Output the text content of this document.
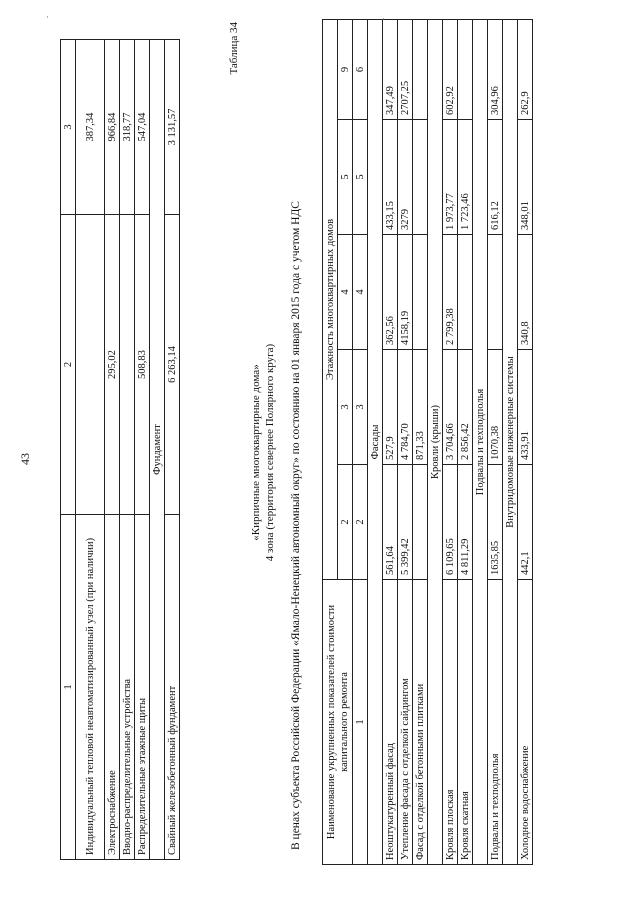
43
1	2	3
Индивидуальный тепловой неавтоматизированный узел (при наличии)		387,34
Электроснабжение	295,02	966,84
Вводно-распределительные устройства		318,77
Распределительные этажные щиты	508,83	547,04
Фундамент		
Свайный железобетонный фундамент	6 263,14	3 131,57
Таблица 34
«Кирпичные многоквартирные дома» 4 зона (территория севернее Полярного круга) В ценах субъекта Российской Федерации «Ямало-Ненецкий автономный округ» по состоянию на 01 января 2015 года с учетом НДС Наименование укрупненных показателей стоимости капитального ремонта	Этажность многоквартирных домов				
	2	3	4	5	9
1	2	3	4	5	6
Фасады					
Неоштукатуренный фасад	561,64	527,9	362,56	433,15	347,49
Утепление фасада с отделкой сайдингом	5 399,42	4 784,70	4158,19	3279	2707,25
Фасад с отделкой бетонными плитками		871,33			
Кровли (крыши)					
Кровля плоская	6 109,65	3 704,66	2 799,38	1 973,77	602,92
Кровля скатная	4 811,29	2 856,42		1 723,46	
Подвалы и техподполья					
Подвалы и техподполья	1635,85	1070,38		616,12	304,96
Внутридомовые инженерные системы					
Холодное водоснабжение	442,1	433,91	340,8	348,01	262,9
·	·
